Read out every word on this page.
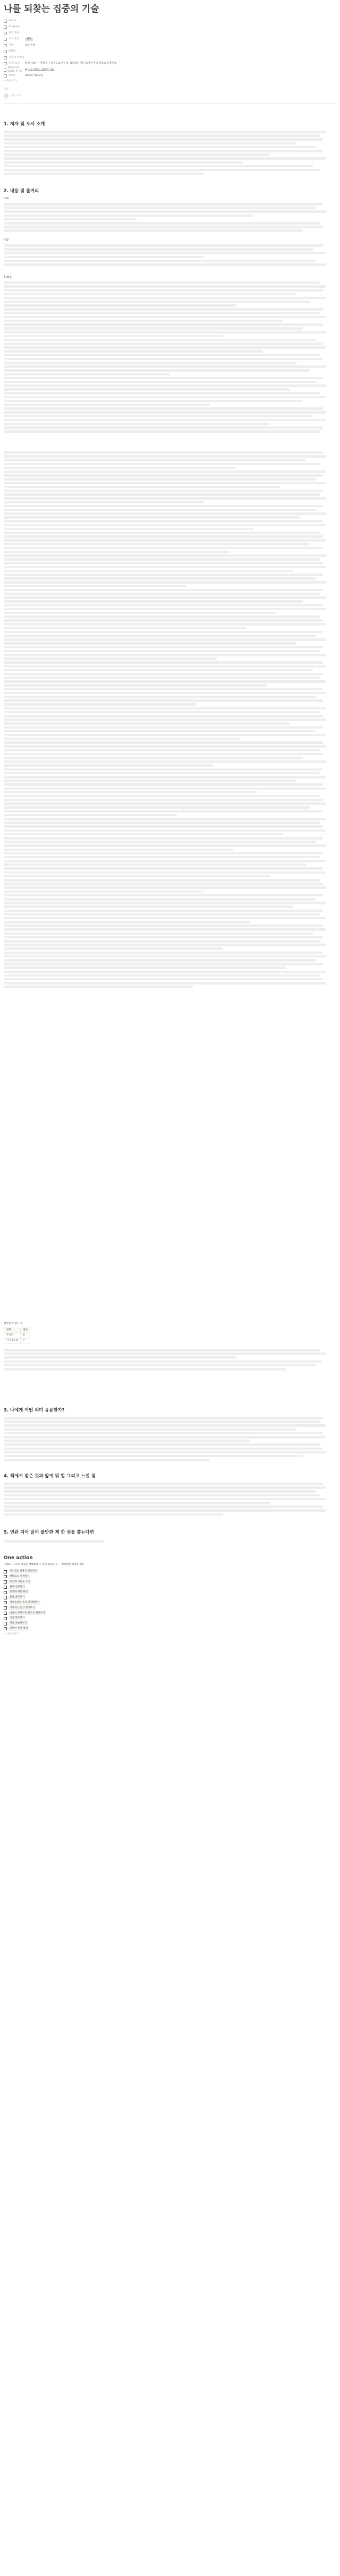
나를 되찾는 집중의 기술
Status
Assignee
읽기 진행
도서 가치	완독
저자	요한 하리
결과물
기간 및 마감일
한 줄 요약 현대 사회는 산만함을 구조적으로 만들며, 집중력은 개인 의지가 아닌 환경의 문제이다.
Book List (2025 할 일)
▤ 나를 되찾는 집중의 기술
완료일	2025년 9월 2일
+ 속성 추가
댓글
댓글 추가...
1. 저자 및 도서 소개
2. 내용 및 줄거리
P.36
P.42
T.I.M.E
결정할 수 있는 것
항목	점수
주의력	8
자기효능감	7
3. 나에게 어떤 의미 유용한가?
4. 책에서 받은 것과 앞에 뭐 할 그리고 느낀 점
5. 연관 지어 읽어 볼만한 책 한 권을 뽑는다면
One action

P.202 ~지속적 관찰을 생활화할 수 있게 필요한 두 ~ 행복해진 생각을 행동

의식있는 집중의 인정하기
위해요소 인정하기
목적에 자율을 두기
현재 인정하기
현재에 대한 확신
몸을 움직이기
정보습득량 유의 산리해보기
기다리는 순간 찾아보기
마음이 사라지지 않도록 밀리두기
지금 향유하기
지금 연습해보기
차분한 관계 형성
+ 새로 만들기
